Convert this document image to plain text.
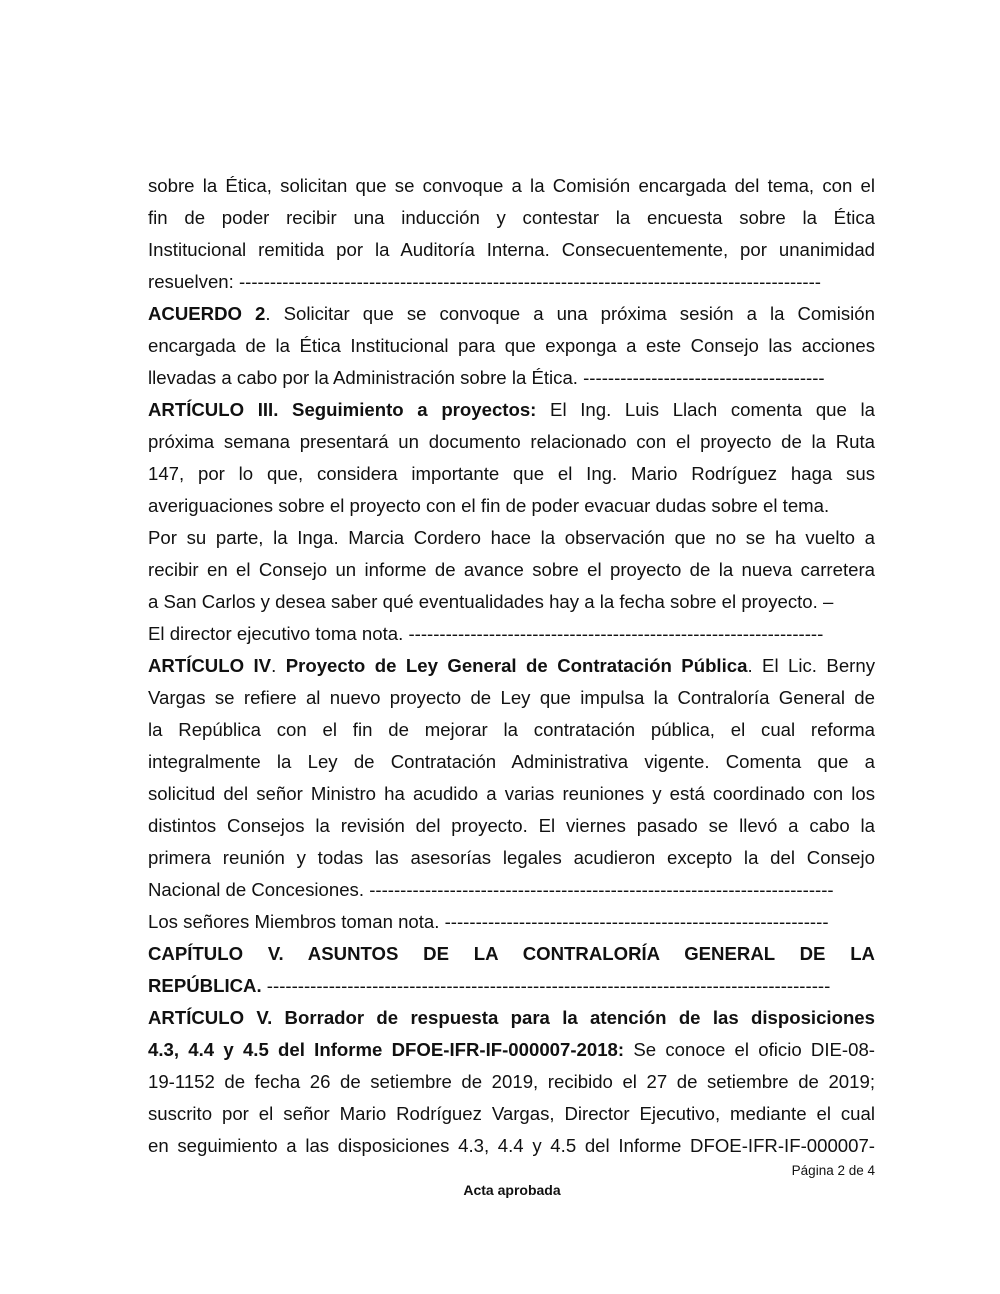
sobre la Ética, solicitan que se convoque a la Comisión encargada del tema, con el
fin de poder recibir una inducción y contestar la encuesta sobre la Ética
Institucional remitida por la Auditoría Interna. Consecuentemente, por unanimidad
resuelven: ----------------------------------------------------------------------------------------------
ACUERDO 2. Solicitar que se convoque a una próxima sesión a la Comisión
encargada de la Ética Institucional para que exponga a este Consejo las acciones
llevadas a cabo por la Administración sobre la Ética. ---------------------------------------
ARTÍCULO III. Seguimiento a proyectos: El Ing. Luis Llach comenta que la
próxima semana presentará un documento relacionado con el proyecto de la Ruta
147, por lo que, considera importante que el Ing. Mario Rodríguez haga sus
averiguaciones sobre el proyecto con el fin de poder evacuar dudas sobre el tema.
Por su parte, la Inga. Marcia Cordero hace la observación que no se ha vuelto a
recibir en el Consejo un informe de avance sobre el proyecto de la nueva carretera
a San Carlos y desea saber qué eventualidades hay a la fecha sobre el proyecto. –
El director ejecutivo toma nota. -------------------------------------------------------------------
ARTÍCULO IV. Proyecto de Ley General de Contratación Pública. El Lic. Berny
Vargas se refiere al nuevo proyecto de Ley que impulsa la Contraloría General de
la República con el fin de mejorar la contratación pública, el cual reforma
integralmente la Ley de Contratación Administrativa vigente. Comenta que a
solicitud del señor Ministro ha acudido a varias reuniones y está coordinado con los
distintos Consejos la revisión del proyecto. El viernes pasado se llevó a cabo la
primera reunión y todas las asesorías legales acudieron excepto la del Consejo
Nacional de Concesiones. ---------------------------------------------------------------------------
Los señores Miembros toman nota. --------------------------------------------------------------
CAPÍTULO V. ASUNTOS DE LA CONTRALORÍA GENERAL DE LA
REPÚBLICA. -------------------------------------------------------------------------------------------
ARTÍCULO V. Borrador de respuesta para la atención de las disposiciones
4.3, 4.4 y 4.5 del Informe DFOE-IFR-IF-000007-2018: Se conoce el oficio DIE-08-
19-1152 de fecha 26 de setiembre de 2019, recibido el 27 de setiembre de 2019;
suscrito por el señor Mario Rodríguez Vargas, Director Ejecutivo, mediante el cual
en seguimiento a las disposiciones 4.3, 4.4 y 4.5 del Informe DFOE-IFR-IF-000007-
Página 2 de 4
Acta aprobada
